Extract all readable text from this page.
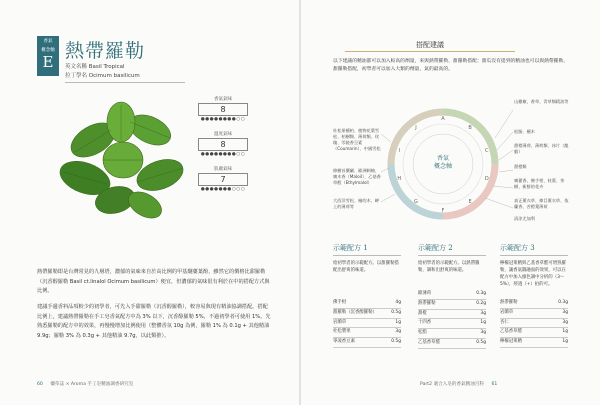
香氣
概念軸
E 熱帶羅勒
英文名稱 Basil Tropical
拉丁學名 Ocimum basilicum
香氣氣味
8
●●●●●●●●○○
溫度氣味
8
●●●●●●●●○○
肌膚氣味
7
●●●●●●●○○○
熱帶羅勒即是台灣常見的九層塔，濃郁的氣味來自於高比例的甲基醚蔞葉酚，雖然它的價格比甜羅勒（沉香醇羅勒 Basil ct.linalol Ocimum basilicum）便宜，但濃郁的氣味很有利於在中的搭配方式與比例。
建議手邊香料品項較少的初學者，可先入手甜羅勒（沉香醇羅勒），較容易與現有精油協調搭配。搭配比例上，建議熱帶羅勒在手工皂香氣配方中為 3% 以下，沉香醇羅勒 5%，不過初學者可使用 1%。先熟悉羅勒的配方中的效果，再慢慢增加比例使用（整體香氛 10g 為例，羅勒 1% 為 0.1g + 其他精油 9.9g；羅勒 3% 為 0.3g + 其他精油 9.7g，以此類推）。
60 藥草誌 × Aroma 手工皂精油調香研究室
搭配建議
以下建議的精油都可以加入較高的劑量，來與熱帶羅勒、甜羅勒搭配；甜瓜沒有提到的精油也可以與熱帶羅勒、甜羅勒搭配，初學者可以加入大類的劑量，氣的最高的。
A
B
C
D
E
F
G
H
I
J
香氣
概念軸
杜松果檀柏、植物花葉雪松、柏樹類、薄荷類、玫瑰、零陵香豆素（Coumarin）、中國雪松
樟樹首藥屬、歐洲刺檜、廣木香（Maloil）、乙基香草醛（Ethylmalol）
大西洋雪松、檜的木、岬上的薄荷等
山雞椒、香草、青草類精油等
松脂、檀木
甜橙薄荷、薄荷類、冰片（龍腦）
甜橙類
廣藿香、佛手柑、枝葉、茶樹、新鮮的花卉
真正薰衣草、樟目薰衣草、依蘭香、苦橙葉薄荷
清涼尤加利
示範配方 1
給初學者的示範配方。以甜羅勒搭配出舒爽的味道。
佛手柑	4g
甜羅勒（沉香醇羅勒）	0.5g
岩蘭草	1g
杜松漿果	3g
零凌香豆素	0.5g
示範配方 2
給初學者的示範配方。以熱帶羅勒，調和出舒爽的味道。
歐薄荷	0.3g
熱帶羅勒	0.2g
甜橙	3g
十四香	1g
松脂	3g
乙基香草醛	0.5g
示範配方 3
檸檬冠萊精與乙基香草醛可增熟羅勒，讓香氣圓融面的效果，可以在配方中加入綠色調中分析的（3～5%），經過（+）拍的可。
熱帶羅勒	0.3g
岩蘭草	3g
杏仁	3g
乙基香草醛	1g
檸檬冠萊精	1g
Part2 適合入皂的香氣精油百科 61
